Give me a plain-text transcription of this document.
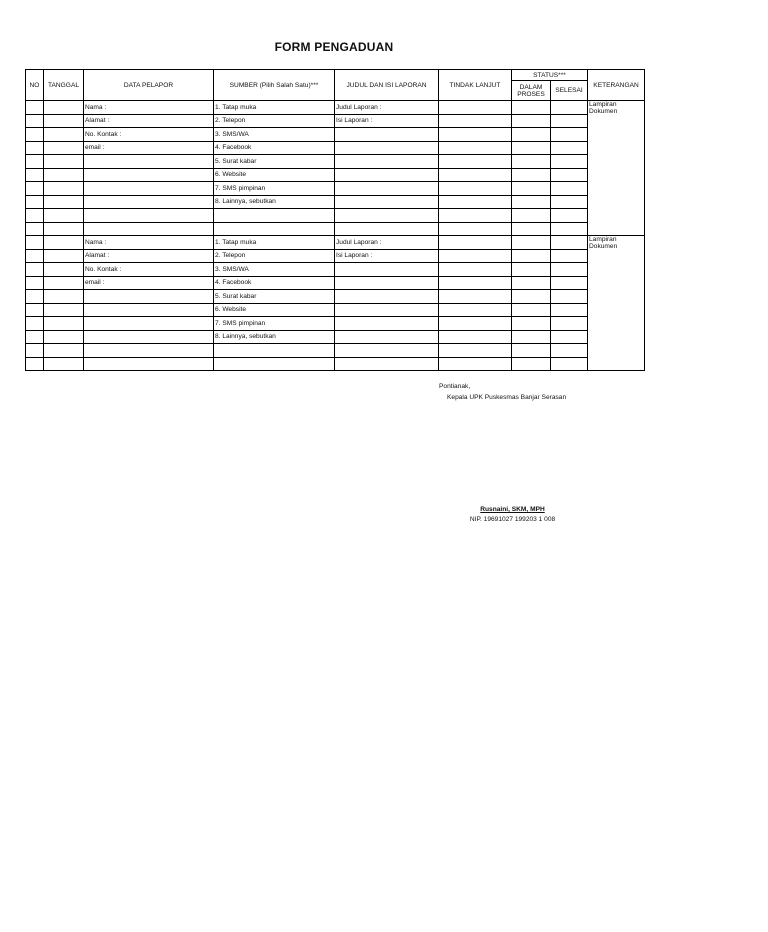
FORM PENGADUAN
NO	TANGGAL	DATA PELAPOR	SUMBER (Pilih Salah Satu)***	JUDUL DAN ISI LAPORAN	TINDAK LANJUT	STATUS***		KETERANGAN
						DALAM PROSES	SELESAI	
		Nama :	1. Tatap muka	Judul Laporan :				Lampiran Dokumen
		Alamat :	2. Telepon	Isi Laporan :				
		No. Kontak :	3. SMS/WA					
		email :	4. Facebook					
			5. Surat kabar					
			6. Website					
			7. SMS pimpinan					
			8. Lainnya, sebutkan					

		Nama :	1. Tatap muka	Judul Laporan :				Lampiran Dokumen
		Alamat :	2. Telepon	Isi Laporan :				
		No. Kontak :	3. SMS/WA					
		email :	4. Facebook					
			5. Surat kabar					
			6. Website					
			7. SMS pimpinan					
			8. Lainnya, sebutkan					

Pontianak,
Kepala UPK Puskesmas Banjar Serasan
Rusnaini, SKM, MPH
NIP. 19691027 199203 1 008
